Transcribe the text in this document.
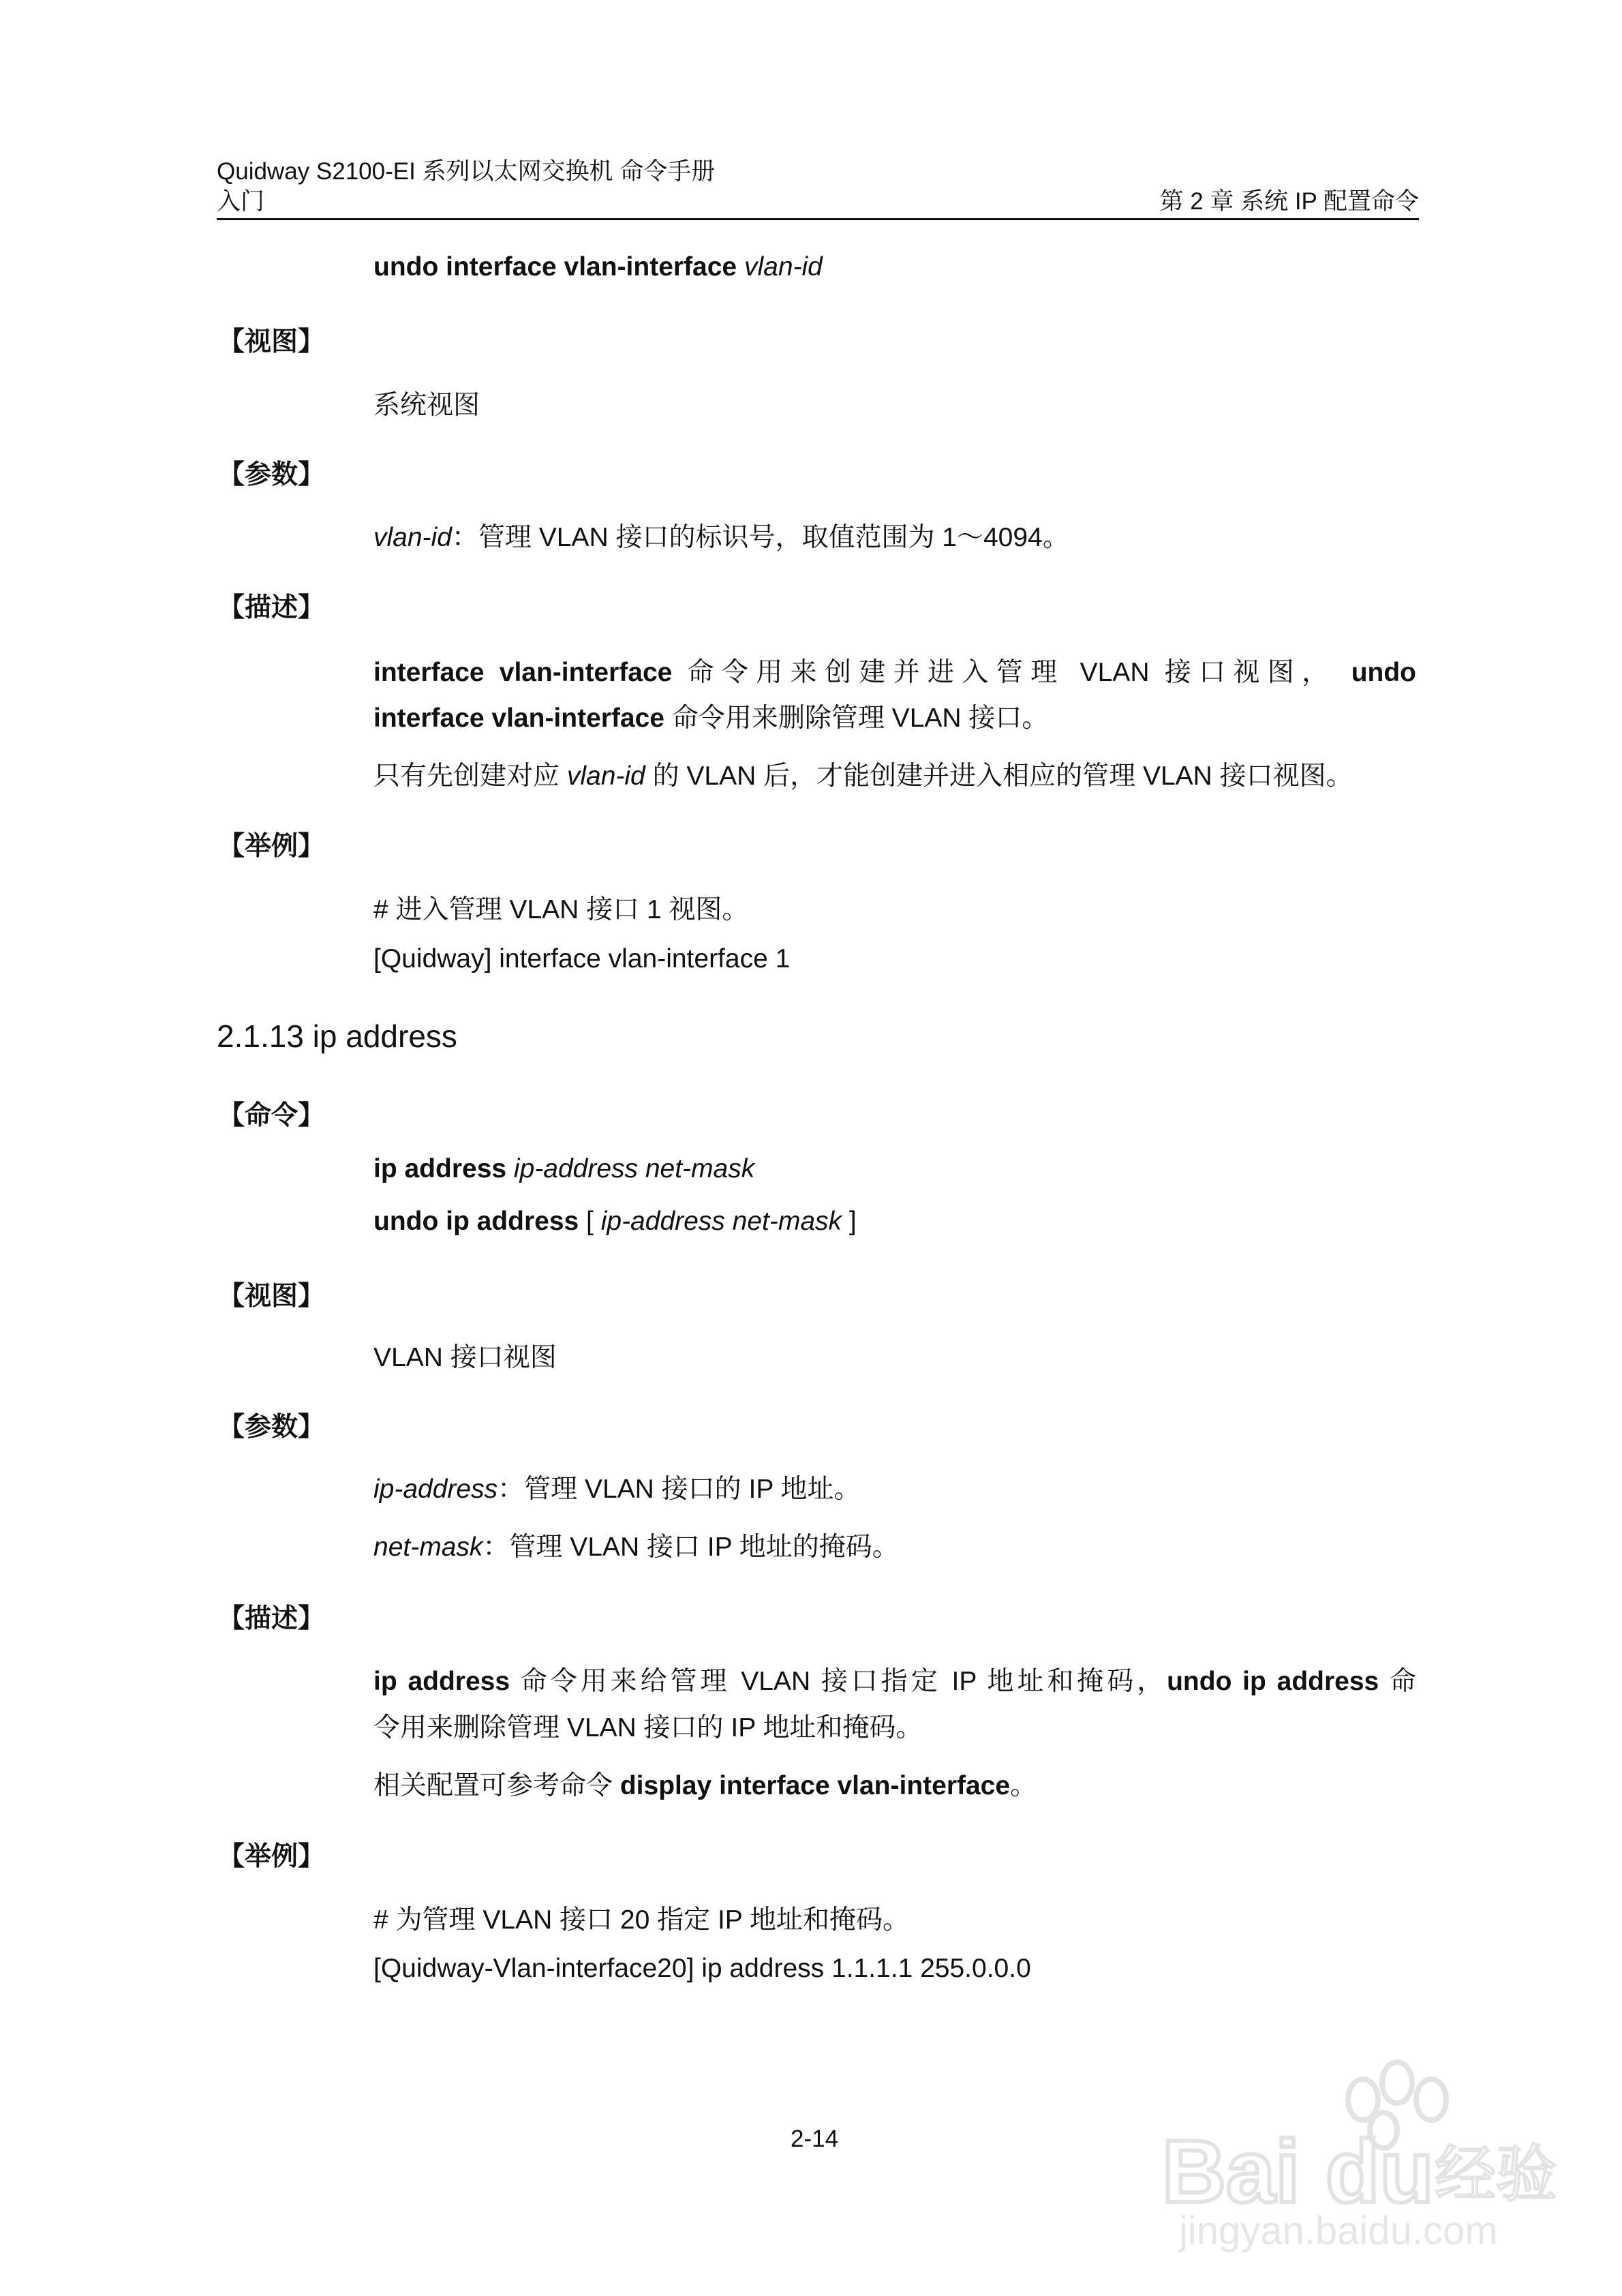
Quidway S2100-EI 系列以太网交换机 命令手册
入门	第 2 章 系统 IP 配置命令
undo interface vlan-interface vlan-id
【视图】
系统视图
【参数】
vlan-id：管理 VLAN 接口的标识号，取值范围为 1～4094。
【描述】
interface vlan-interface 命令用来创建并进入管理 VLAN 接口视图， undo
interface vlan-interface 命令用来删除管理 VLAN 接口。
只有先创建对应 vlan-id 的 VLAN 后，才能创建并进入相应的管理 VLAN 接口视图。
【举例】
# 进入管理 VLAN 接口 1 视图。
[Quidway] interface vlan-interface 1
2.1.13 ip address
【命令】
ip address ip-address net-mask
undo ip address [ ip-address net-mask ]
【视图】
VLAN 接口视图
【参数】
ip-address：管理 VLAN 接口的 IP 地址。
net-mask：管理 VLAN 接口 IP 地址的掩码。
【描述】
ip address 命令用来给管理 VLAN 接口指定 IP 地址和掩码，undo ip address 命
令用来删除管理 VLAN 接口的 IP 地址和掩码。
相关配置可参考命令 display interface vlan-interface。
【举例】
# 为管理 VLAN 接口 20 指定 IP 地址和掩码。
[Quidway-Vlan-interface20] ip address 1.1.1.1 255.0.0.0
2-14	Bai du 经验
jingyan.baidu.com
